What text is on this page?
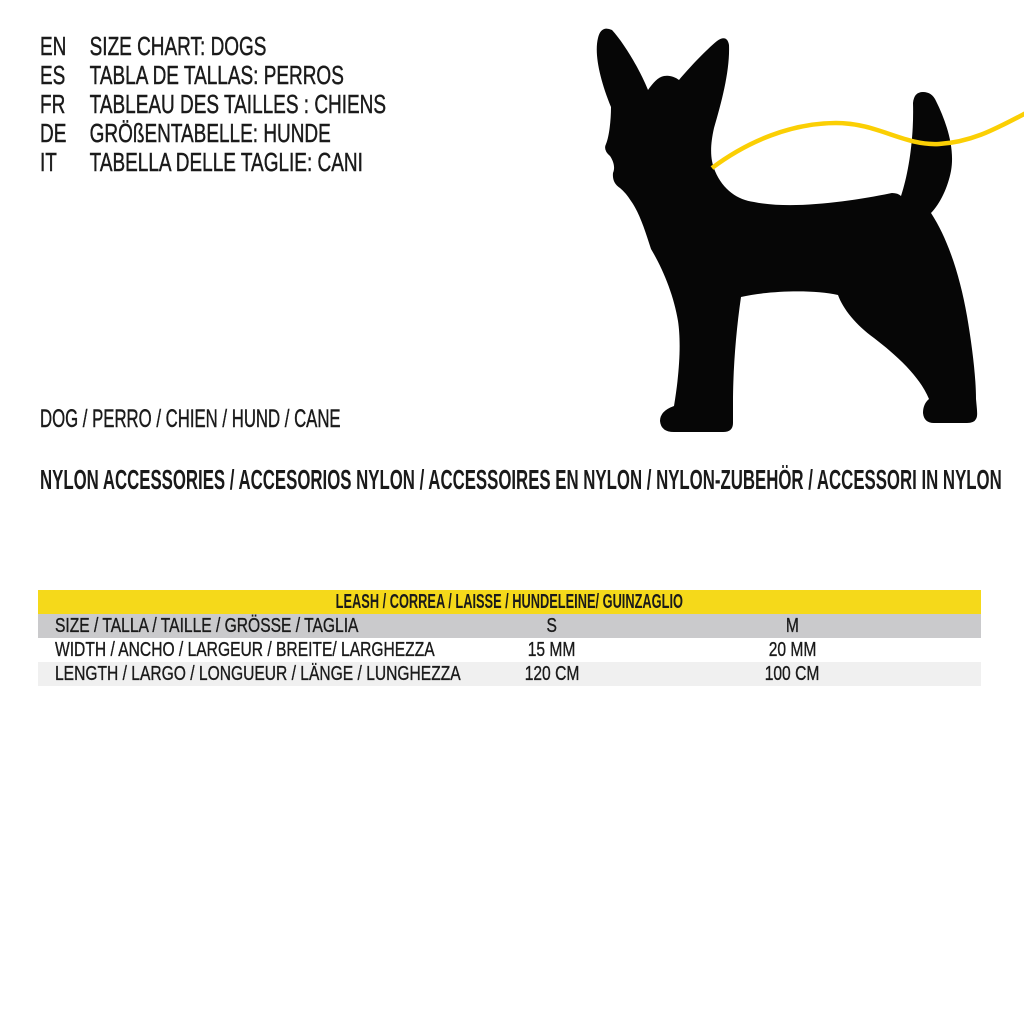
EN SIZE CHART: DOGS
ES TABLA DE TALLAS: PERROS
FR TABLEAU DES TAILLES : CHIENS
DE GRÖßENTABELLE: HUNDE
IT	TABELLA DELLE TAGLIE: CANI
DOG / PERRO / CHIEN / HUND / CANE
NYLON ACCESSORIES / ACCESORIOS NYLON / ACCESSOIRES EN NYLON / NYLON-ZUBEHÖR / ACCESSORI IN NYLON
LEASH / CORREA / LAISSE / HUNDELEINE/ GUINZAGLIO
SIZE / TALLA / TAILLE / GRÖSSE / TAGLIA	S	M
WIDTH / ANCHO / LARGEUR / BREITE/ LARGHEZZA	15 MM	20 MM
LENGTH / LARGO / LONGUEUR / LÄNGE / LUNGHEZZA	120 CM	100 CM
